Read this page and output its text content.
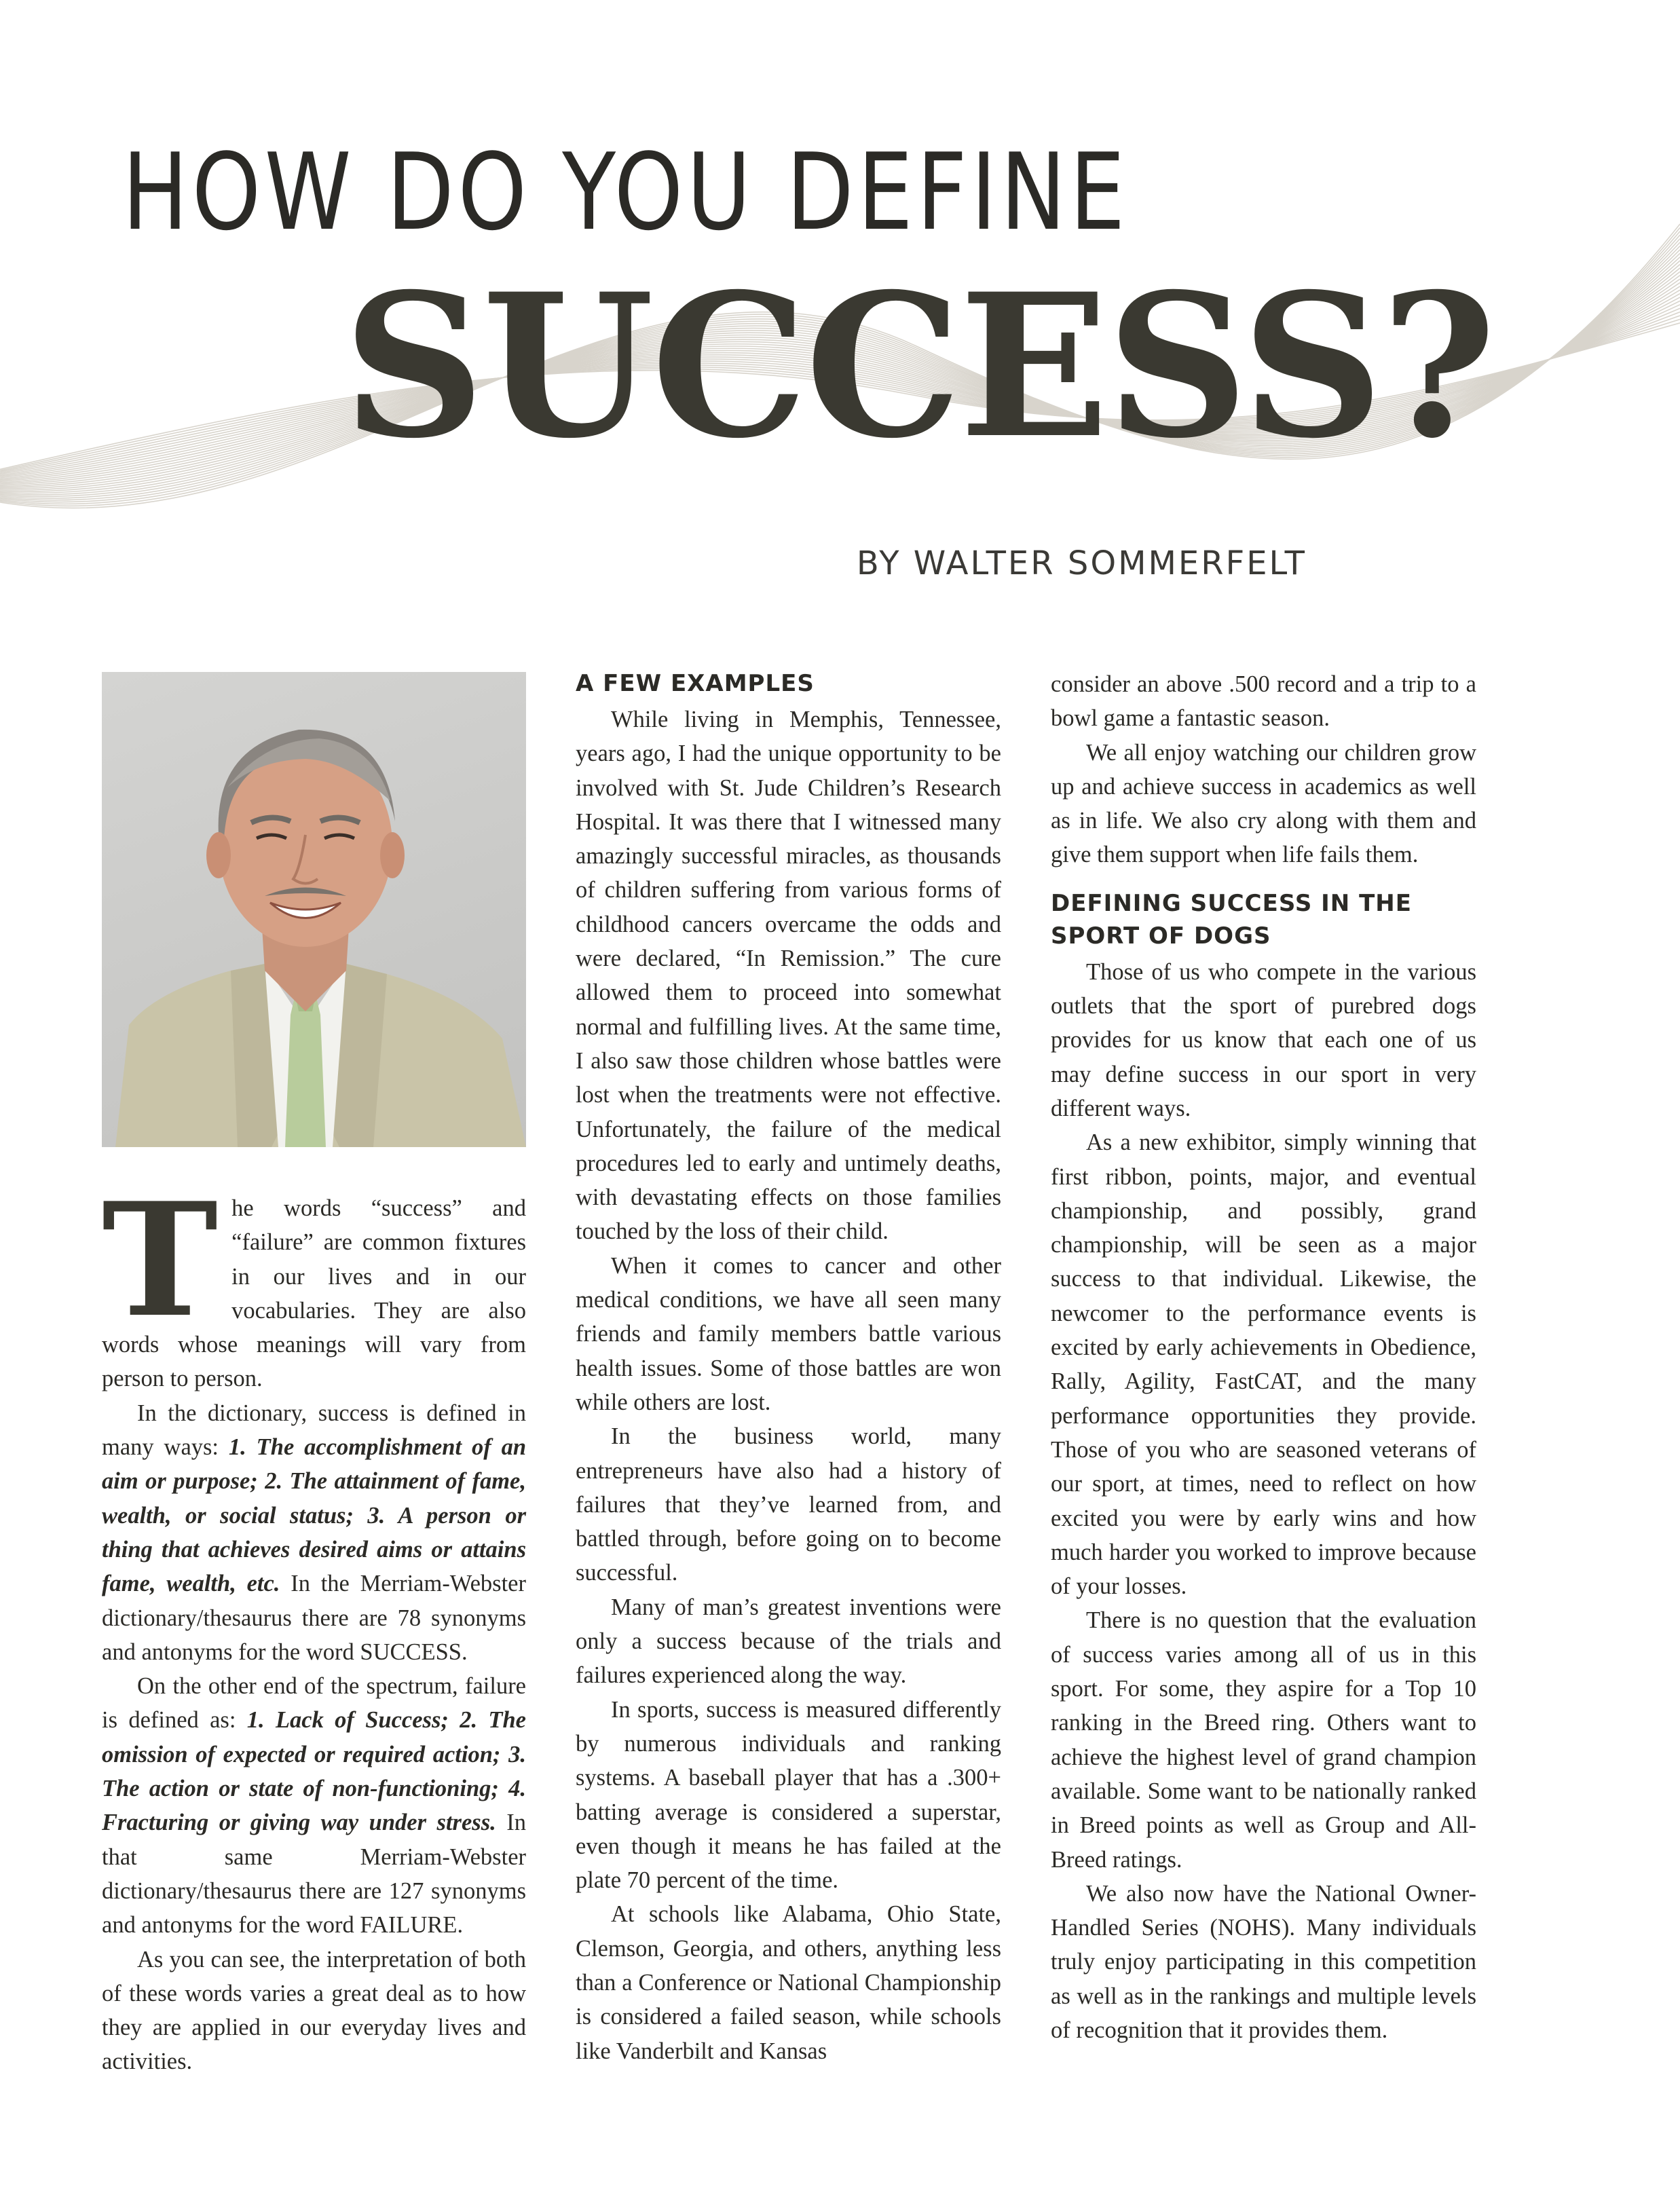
HOW DO YOU DEFINE
SUCCESS?
BY WALTER SOMMERFELT

The words “success” and “failure” are common fixtures in our lives and in our vocabularies. They are also words whose meanings will vary from person to person.

In the dictionary, success is defined in many ways: 1. The accomplishment of an aim or purpose; 2. The attainment of fame, wealth, or social status; 3. A person or thing that achieves desired aims or attains fame, wealth, etc. In the Merriam-Webster dictionary/thesaurus there are 78 synonyms and antonyms for the word SUCCESS.

On the other end of the spectrum, failure is defined as: 1. Lack of Success; 2. The omission of expected or required action; 3. The action or state of non-functioning; 4. Fracturing or giving way under stress. In that same Merriam-Webster dictionary/thesaurus there are 127 synonyms and antonyms for the word FAILURE.

As you can see, the interpretation of both of these words varies a great deal as to how they are applied in our everyday lives and activities.

A FEW EXAMPLES

While living in Memphis, Tennessee, years ago, I had the unique opportunity to be involved with St. Jude Children’s Research Hospital. It was there that I witnessed many amazingly successful miracles, as thousands of children suffering from various forms of childhood cancers overcame the odds and were declared, “In Remission.” The cure allowed them to proceed into somewhat normal and fulfilling lives. At the same time, I also saw those children whose battles were lost when the treatments were not effective. Unfortunately, the failure of the medical procedures led to early and untimely deaths, with devastating effects on those families touched by the loss of their child.

When it comes to cancer and other medical conditions, we have all seen many friends and family members battle various health issues. Some of those battles are won while others are lost.

In the business world, many entrepreneurs have also had a history of failures that they’ve learned from, and battled through, before going on to become successful.

Many of man’s greatest inventions were only a success because of the trials and failures experienced along the way.

In sports, success is measured differently by numerous individuals and ranking systems. A baseball player that has a .300+ batting average is considered a superstar, even though it means he has failed at the plate 70 percent of the time.

At schools like Alabama, Ohio State, Clemson, Georgia, and others, anything less than a Conference or National Championship is considered a failed season, while schools like Vanderbilt and Kansas

consider an above .500 record and a trip to a bowl game a fantastic season.

We all enjoy watching our children grow up and achieve success in academics as well as in life. We also cry along with them and give them support when life fails them.

DEFINING SUCCESS IN THE SPORT OF DOGS

Those of us who compete in the various outlets that the sport of purebred dogs provides for us know that each one of us may define success in our sport in very different ways.

As a new exhibitor, simply winning that first ribbon, points, major, and eventual championship, and possibly, grand championship, will be seen as a major success to that individual. Likewise, the newcomer to the performance events is excited by early achievements in Obedience, Rally, Agility, FastCAT, and the many performance opportunities they provide. Those of you who are seasoned veterans of our sport, at times, need to reflect on how excited you were by early wins and how much harder you worked to improve because of your losses.

There is no question that the evaluation of success varies among all of us in this sport. For some, they aspire for a Top 10 ranking in the Breed ring. Others want to achieve the highest level of grand champion available. Some want to be nationally ranked in Breed points as well as Group and All-Breed ratings.

We also now have the National Owner-Handled Series (NOHS). Many individuals truly enjoy participating in this competition as well as in the rankings and multiple levels of recognition that it provides them.
